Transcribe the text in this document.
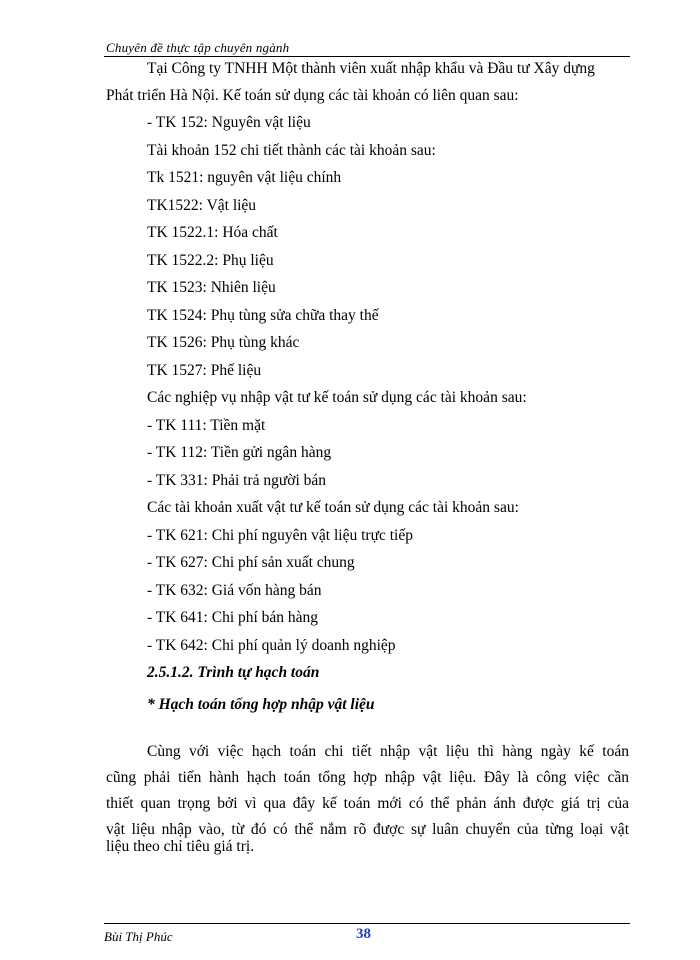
Chuyên đề thực tập chuyên ngành
Tại Công ty TNHH Một thành viên xuất nhập khẩu và Đầu tư Xây dựng
Phát triển Hà Nội. Kế toán sử dụng các tài khoản có liên quan sau:
- TK 152: Nguyên vật liệu
Tài khoản 152 chi tiết thành các tài khoản sau:
Tk 1521: nguyên vật liệu chính
TK1522: Vật liệu
TK 1522.1: Hóa chất
TK 1522.2: Phụ liệu
TK 1523: Nhiên liệu
TK 1524: Phụ tùng sửa chữa thay thế
TK 1526: Phụ tùng khác
TK 1527: Phế liệu
Các nghiệp vụ nhập vật tư kế toán sử dụng các tài khoản sau:
- TK 111: Tiền mặt
- TK 112: Tiền gửi ngân hàng
- TK 331: Phải trả người bán
Các tài khoản xuất vật tư kế toán sử dụng các tài khoản sau:
- TK 621: Chi phí nguyên vật liệu trực tiếp
- TK 627: Chi phí sản xuất chung
- TK 632: Giá vốn hàng bán
- TK 641: Chi phí bán hàng
- TK 642: Chi phí quản lý doanh nghiệp
2.5.1.2. Trình tự hạch toán
* Hạch toán tổng hợp nhập vật liệu
Cùng với việc hạch toán chi tiết nhập vật liệu thì hàng ngày kế toán
cũng phải tiến hành hạch toán tổng hợp nhập vật liệu. Đây là công việc cần
thiết quan trọng bởi vì qua đây kế toán mới có thể phản ánh được giá trị của
vật liệu nhập vào, từ đó có thể nắm rõ được sự luân chuyển của từng loại vật
liệu theo chỉ tiêu giá trị.
Bùi Thị Phúc	38
